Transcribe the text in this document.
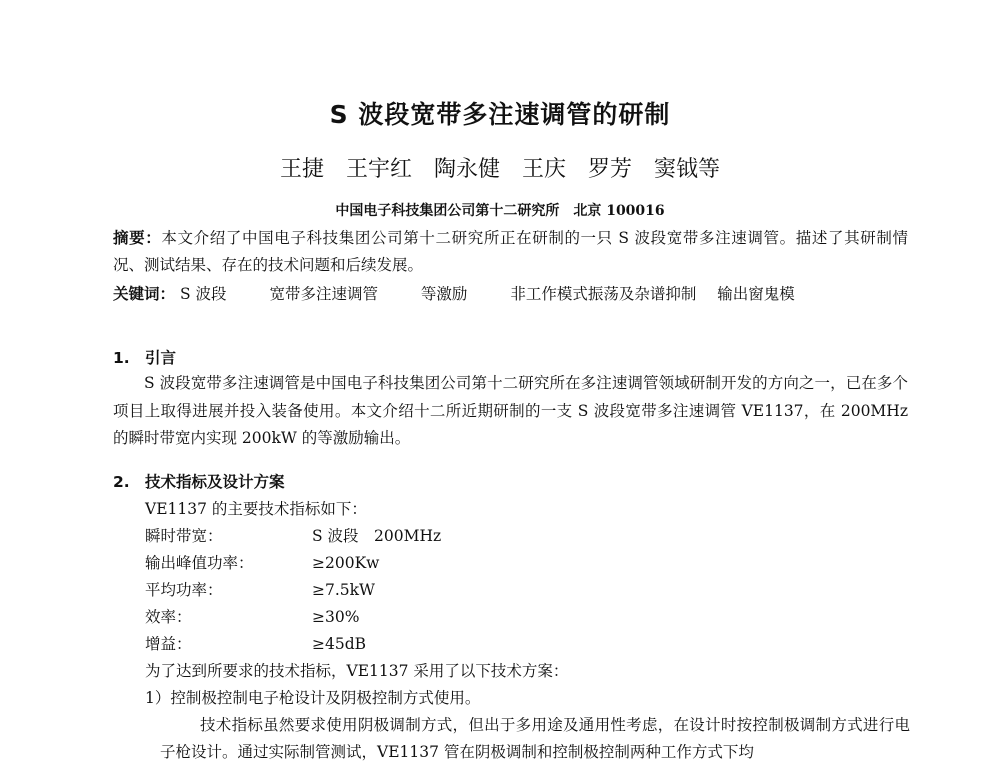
S 波段宽带多注速调管的研制
王捷　王宇红　陶永健　王庆　罗芳　窦钺等
中国电子科技集团公司第十二研究所　北京 100016
摘要：本文介绍了中国电子科技集团公司第十二研究所正在研制的一只 S 波段宽带多注速调管。描述了其研制情况、测试结果、存在的技术问题和后续发展。
关键词： S 波段	宽带多注速调管	等激励	非工作模式振荡及杂谱抑制 输出窗鬼模
1. 引言
S 波段宽带多注速调管是中国电子科技集团公司第十二研究所在多注速调管领域研制开发的方向之一，已在多个项目上取得进展并投入装备使用。本文介绍十二所近期研制的一支 S 波段宽带多注速调管 VE1137，在 200MHz 的瞬时带宽内实现 200kW 的等激励输出。
2. 技术指标及设计方案
VE1137 的主要技术指标如下：
瞬时带宽：	S 波段　200MHz
输出峰值功率：	≥200Kw
平均功率：	≥7.5kW
效率：	≥30%
增益：	≥45dB
为了达到所要求的技术指标，VE1137 采用了以下技术方案：
1）控制极控制电子枪设计及阴极控制方式使用。
技术指标虽然要求使用阴极调制方式，但出于多用途及通用性考虑，在设计时按控制极调制方式进行电子枪设计。通过实际制管测试，VE1137 管在阴极调制和控制极控制两种工作方式下均
